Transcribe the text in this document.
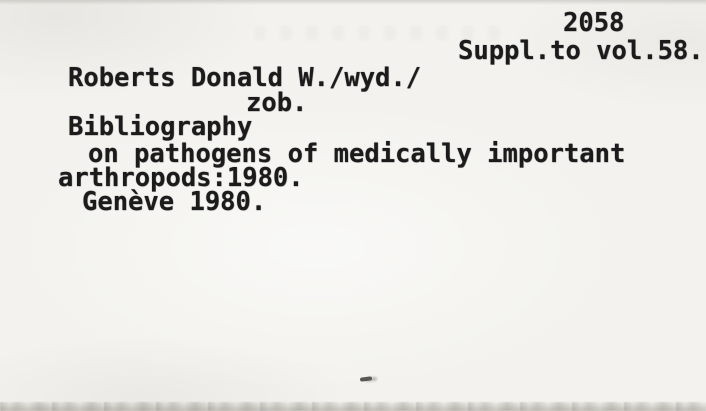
2058
Suppl.to vol.58.
Roberts Donald W./wyd./
zob.
Bibliography
on pathogens of medically important
arthropods:1980.
Genève 1980.
